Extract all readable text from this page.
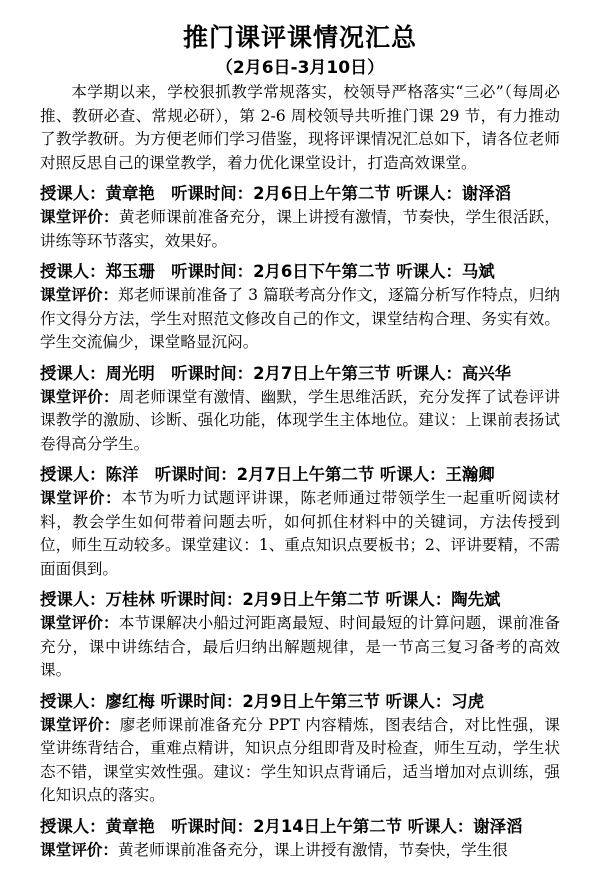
推门课评课情况汇总
（2月6日-3月10日）

本学期以来，学校狠抓教学常规落实，校领导严格落实“三必”（每周必推、教研必查、常规必研），第 2-6 周校领导共听推门课 29 节，有力推动了教学教研。为方便老师们学习借鉴，现将评课情况汇总如下，请各位老师对照反思自己的课堂教学，着力优化课堂设计，打造高效课堂。

授课人：黄章艳　听课时间：2月6日上午第二节 听课人：谢泽滔

课堂评价：黄老师课前准备充分，课上讲授有激情，节奏快，学生很活跃，讲练等环节落实，效果好。

授课人：郑玉珊　听课时间：2月6日下午第二节 听课人：马斌

课堂评价：郑老师课前准备了 3 篇联考高分作文，逐篇分析写作特点，归纳作文得分方法，学生对照范文修改自己的作文，课堂结构合理、务实有效。学生交流偏少，课堂略显沉闷。

授课人：周光明　听课时间：2月7日上午第三节 听课人：高兴华

课堂评价：周老师课堂有激情、幽默，学生思维活跃，充分发挥了试卷评讲课教学的激励、诊断、强化功能，体现学生主体地位。建议：上课前表扬试卷得高分学生。

授课人：陈洋　听课时间：2月7日上午第二节 听课人：王瀚卿

课堂评价：本节为听力试题评讲课，陈老师通过带领学生一起重听阅读材料，教会学生如何带着问题去听，如何抓住材料中的关键词，方法传授到位，师生互动较多。课堂建议：1、重点知识点要板书；2、评讲要精，不需面面俱到。

授课人：万桂林 听课时间：2月9日上午第二节 听课人：陶先斌

课堂评价：本节课解决小船过河距离最短、时间最短的计算问题，课前准备充分，课中讲练结合，最后归纳出解题规律，是一节高三复习备考的高效课。

授课人：廖红梅 听课时间：2月9日上午第三节 听课人：习虎

课堂评价：廖老师课前准备充分 PPT 内容精炼，图表结合，对比性强，课堂讲练背结合，重难点精讲，知识点分组即背及时检查，师生互动，学生状态不错，课堂实效性强。建议：学生知识点背诵后，适当增加对点训练，强化知识点的落实。

授课人：黄章艳　听课时间：2月14日上午第二节 听课人：谢泽滔

课堂评价：黄老师课前准备充分，课上讲授有激情，节奏快，学生很
